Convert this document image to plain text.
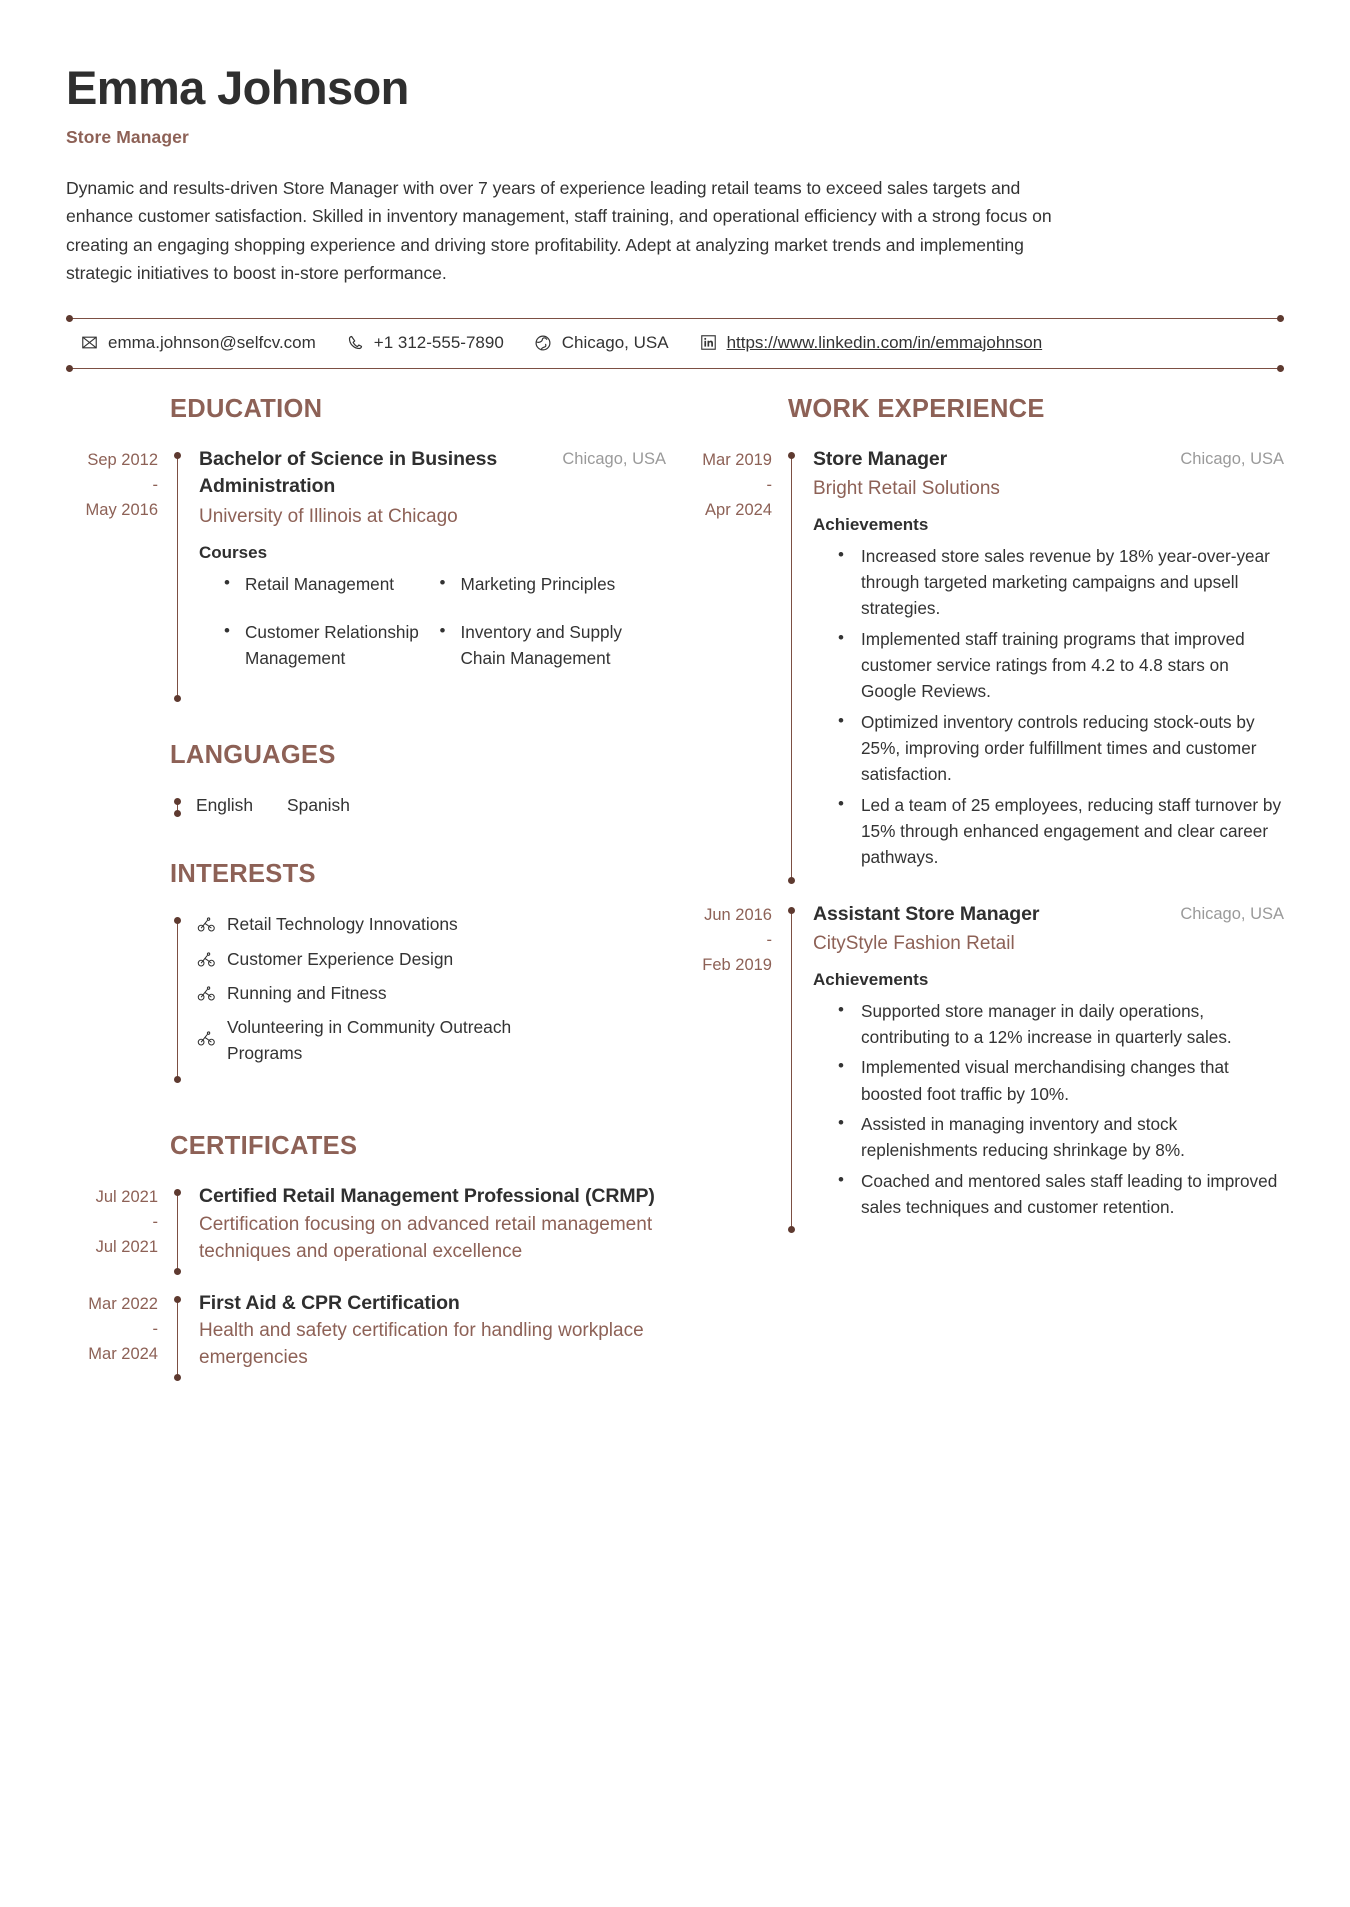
Emma Johnson
Store Manager
Dynamic and results-driven Store Manager with over 7 years of experience leading retail teams to exceed sales targets and enhance customer satisfaction. Skilled in inventory management, staff training, and operational efficiency with a strong focus on creating an engaging shopping experience and driving store profitability. Adept at analyzing market trends and implementing strategic initiatives to boost in-store performance.
emma.johnson@selfcv.com	+1 312-555-7890	Chicago, USA	https://www.linkedin.com/in/emmajohnson
EDUCATION
Sep 2012
-
May 2016
Bachelor of Science in Business Administration
University of Illinois at Chicago
Chicago, USA
Courses
• Retail Management	• Marketing Principles
• Customer Relationship Management
• Inventory and Supply Chain Management
LANGUAGES
English Spanish
INTERESTS
Retail Technology Innovations
Customer Experience Design
Running and Fitness
Volunteering in Community Outreach Programs
CERTIFICATES
Jul 2021
-
Jul 2021
Certified Retail Management Professional (CRMP)
Certification focusing on advanced retail management techniques and operational excellence
Mar 2022
-
Mar 2024
First Aid & CPR Certification
Health and safety certification for handling workplace emergencies
WORK EXPERIENCE
Mar 2019
-
Apr 2024
Store Manager
Bright Retail Solutions
Chicago, USA
Achievements
• Increased store sales revenue by 18% year-over-year through targeted marketing campaigns and upsell strategies.
• Implemented staff training programs that improved customer service ratings from 4.2 to 4.8 stars on Google Reviews.
• Optimized inventory controls reducing stock-outs by 25%, improving order fulfillment times and customer satisfaction.
• Led a team of 25 employees, reducing staff turnover by 15% through enhanced engagement and clear career pathways.
Jun 2016
-
Feb 2019
Assistant Store Manager
CityStyle Fashion Retail
Chicago, USA
Achievements
• Supported store manager in daily operations, contributing to a 12% increase in quarterly sales.
• Implemented visual merchandising changes that boosted foot traffic by 10%.
• Assisted in managing inventory and stock replenishments reducing shrinkage by 8%.
• Coached and mentored sales staff leading to improved sales techniques and customer retention.
